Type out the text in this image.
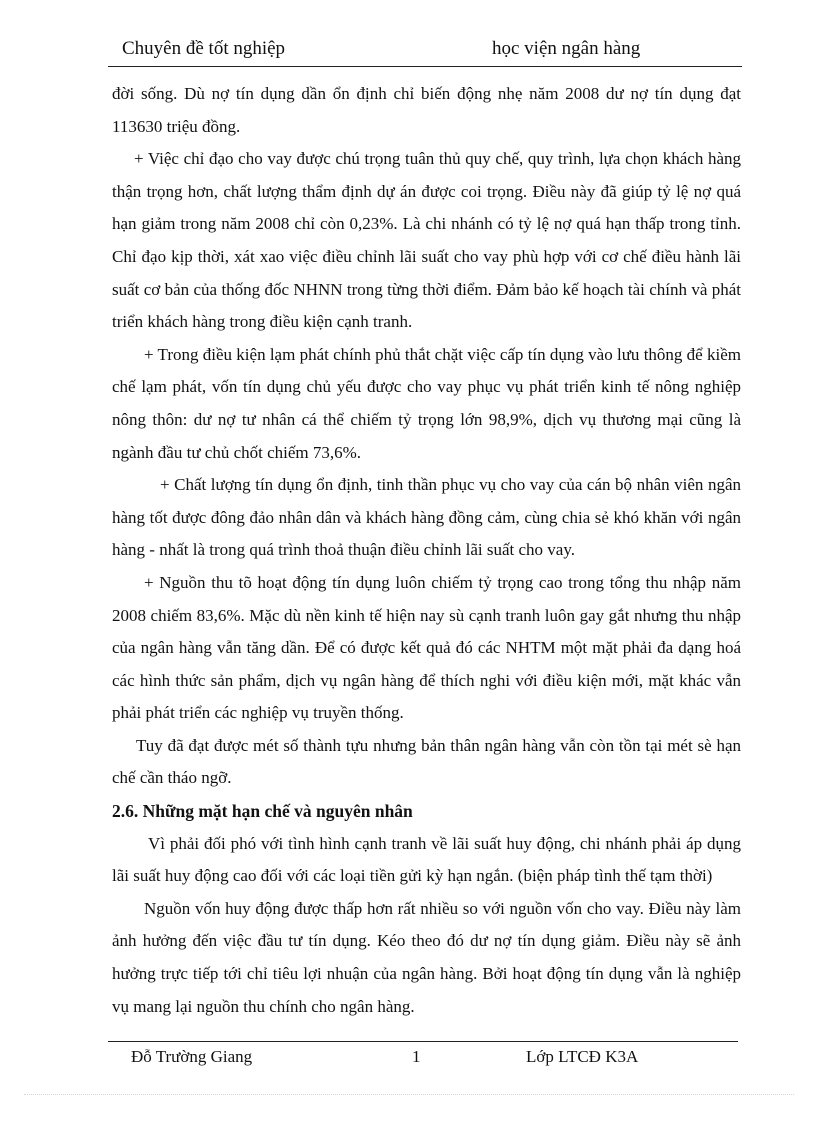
Chuyên đề tốt nghiệp	học viện ngân hàng

đời sống. Dù nợ tín dụng dần ổn định chỉ biến động nhẹ năm 2008 dư nợ tín dụng đạt 113630 triệu đồng.

+ Việc chỉ đạo cho vay được chú trọng tuân thủ quy chế, quy trình, lựa chọn khách hàng thận trọng hơn, chất lượng thẩm định dự án được coi trọng. Điều này đã giúp tỷ lệ nợ quá hạn giảm trong năm 2008 chỉ còn 0,23%. Là chi nhánh có tỷ lệ nợ quá hạn thấp trong tỉnh. Chỉ đạo kịp thời, xát xao việc điều chỉnh lãi suất cho vay phù hợp với cơ chế điều hành lãi suất cơ bản của thống đốc NHNN trong từng thời điểm. Đảm bảo kế hoạch tài chính và phát triển khách hàng trong điều kiện cạnh tranh.

+ Trong điều kiện lạm phát chính phủ thắt chặt việc cấp tín dụng vào lưu thông để kiềm chế lạm phát, vốn tín dụng chủ yếu được cho vay phục vụ phát triển kinh tế nông nghiệp nông thôn: dư nợ tư nhân cá thể chiếm tỷ trọng lớn 98,9%, dịch vụ thương mại cũng là ngành đầu tư chủ chốt chiếm 73,6%.

+ Chất lượng tín dụng ổn định, tinh thần phục vụ cho vay của cán bộ nhân viên ngân hàng tốt được đông đảo nhân dân và khách hàng đồng cảm, cùng chia sẻ khó khăn với ngân hàng - nhất là trong quá trình thoả thuận điều chỉnh lãi suất cho vay.

+ Nguồn thu tõ hoạt động tín dụng luôn chiếm tỷ trọng cao trong tổng thu nhập năm 2008 chiếm 83,6%. Mặc dù nền kinh tế hiện nay sù cạnh tranh luôn gay gắt nhưng thu nhập của ngân hàng vẫn tăng dần. Để có được kết quả đó các NHTM một mặt phải đa dạng hoá các hình thức sản phẩm, dịch vụ ngân hàng để thích nghi với điều kiện mới, mặt khác vẫn phải phát triển các nghiệp vụ truyền thống.

Tuy đã đạt được mét số thành tựu nhưng bản thân ngân hàng vẫn còn tồn tại mét sè hạn chế cần tháo ngỡ.

2.6. Những mặt hạn chế và nguyên nhân

Vì phải đối phó với tình hình cạnh tranh về lãi suất huy động, chi nhánh phải áp dụng lãi suất huy động cao đối với các loại tiền gửi kỳ hạn ngắn. (biện pháp tình thế tạm thời)

Nguồn vốn huy động được thấp hơn rất nhiều so với nguồn vốn cho vay. Điều này làm ảnh hưởng đến việc đầu tư tín dụng. Kéo theo đó dư nợ tín dụng giảm. Điều này sẽ ảnh hưởng trực tiếp tới chỉ tiêu lợi nhuận của ngân hàng. Bởi hoạt động tín dụng vẫn là nghiệp vụ mang lại nguồn thu chính cho ngân hàng.

Đỗ Trường Giang	1	Lớp LTCĐ K3A
